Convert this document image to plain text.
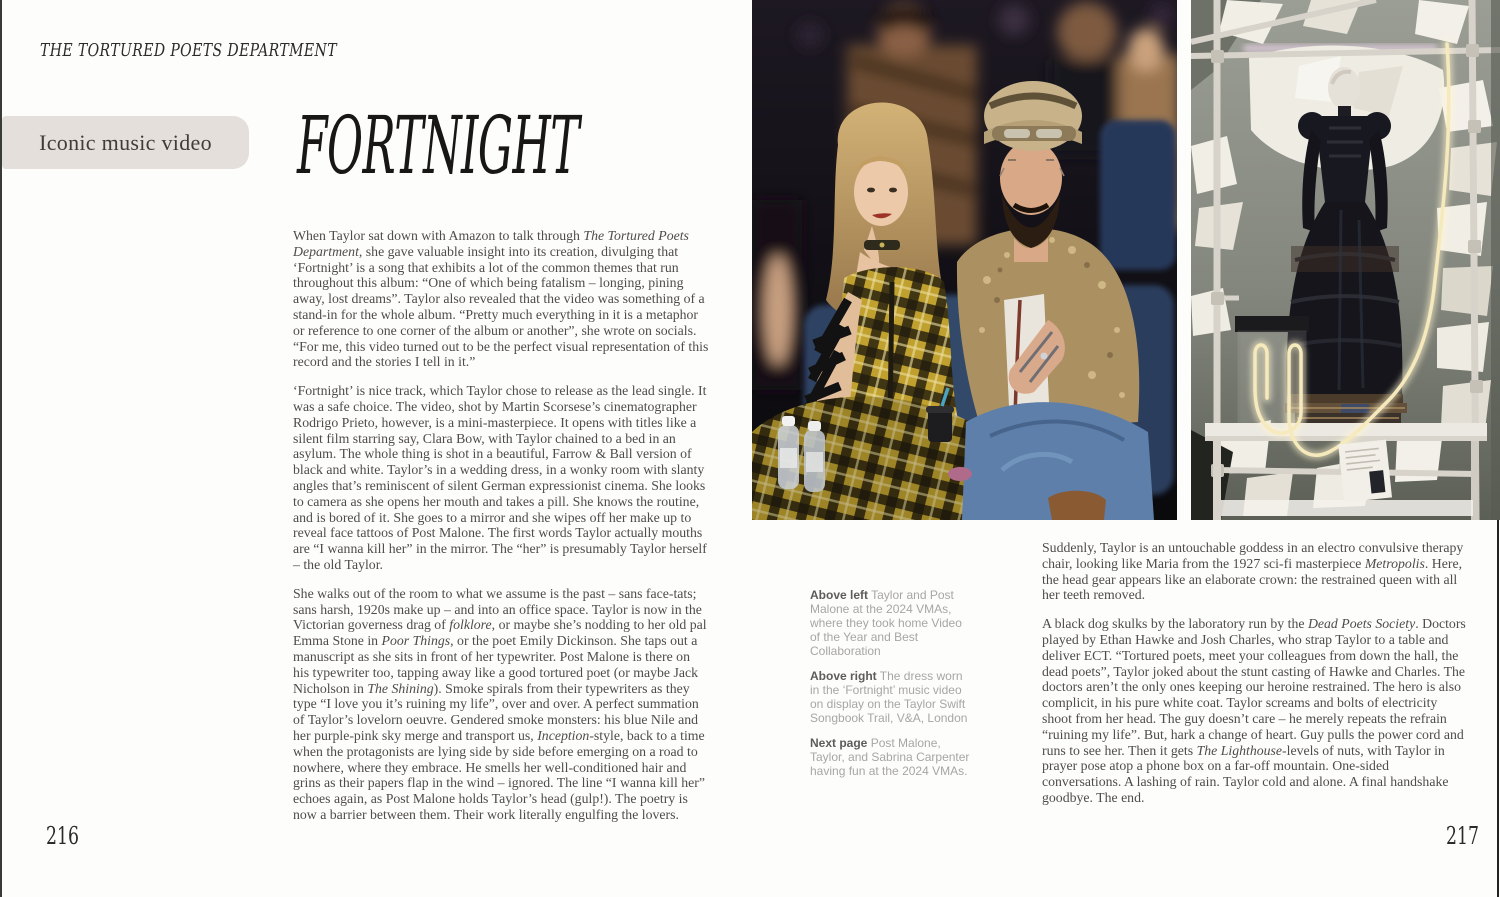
THE TORTURED POETS DEPARTMENT
Iconic music video FORTNIGHT

When Taylor sat down with Amazon to talk through The Tortured Poets Department, she gave valuable insight into its creation, divulging that ‘Fortnight’ is a song that exhibits a lot of the common themes that run throughout this album: “One of which being fatalism – longing, pining away, lost dreams”. Taylor also revealed that the video was something of a stand-in for the whole album. “Pretty much everything in it is a metaphor or reference to one corner of the album or another”, she wrote on socials. “For me, this video turned out to be the perfect visual representation of this record and the stories I tell in it.”

‘Fortnight’ is nice track, which Taylor chose to release as the lead single. It was a safe choice. The video, shot by Martin Scorsese’s cinematographer Rodrigo Prieto, however, is a mini-masterpiece. It opens with titles like a silent film starring say, Clara Bow, with Taylor chained to a bed in an asylum. The whole thing is shot in a beautiful, Farrow & Ball version of black and white. Taylor’s in a wedding dress, in a wonky room with slanty angles that’s reminiscent of silent German expressionist cinema. She looks to camera as she opens her mouth and takes a pill. She knows the routine, and is bored of it. She goes to a mirror and she wipes off her make up to reveal face tattoos of Post Malone. The first words Taylor actually mouths are “I wanna kill her” in the mirror. The “her” is presumably Taylor herself – the old Taylor.

She walks out of the room to what we assume is the past – sans face-tats; sans harsh, 1920s make up – and into an office space. Taylor is now in the Victorian governess drag of folklore, or maybe she’s nodding to her old pal Emma Stone in Poor Things, or the poet Emily Dickinson. She taps out a manuscript as she sits in front of her typewriter. Post Malone is there on his typewriter too, tapping away like a good tortured poet (or maybe Jack Nicholson in The Shining). Smoke spirals from their typewriters as they type “I love you it’s ruining my life”, over and over. A perfect summation of Taylor’s lovelorn oeuvre. Gendered smoke monsters: his blue Nile and her purple-pink sky merge and transport us, Inception-style, back to a time when the protagonists are lying side by side before emerging on a road to nowhere, where they embrace. He smells her well-conditioned hair and grins as their papers flap in the wind – ignored. The line “I wanna kill her” echoes again, as Post Malone holds Taylor’s head (gulp!). The poetry is now a barrier between them. Their work literally engulfing the lovers.

Above left Taylor and Post Malone at the 2024 VMAs, where they took home Video of the Year and Best Collaboration

Above right The dress worn in the ‘Fortnight’ music video on display on the Taylor Swift Songbook Trail, V&A, London

Next page Post Malone, Taylor, and Sabrina Carpenter having fun at the 2024 VMAs.

Suddenly, Taylor is an untouchable goddess in an electro convulsive therapy chair, looking like Maria from the 1927 sci-fi masterpiece Metropolis. Here, the head gear appears like an elaborate crown: the restrained queen with all her teeth removed.

A black dog skulks by the laboratory run by the Dead Poets Society. Doctors played by Ethan Hawke and Josh Charles, who strap Taylor to a table and deliver ECT. “Tortured poets, meet your colleagues from down the hall, the dead poets”, Taylor joked about the stunt casting of Hawke and Charles. The doctors aren’t the only ones keeping our heroine restrained. The hero is also complicit, in his pure white coat. Taylor screams and bolts of electricity shoot from her head. The guy doesn’t care – he merely repeats the refrain “ruining my life”. But, hark a change of heart. Guy pulls the power cord and runs to see her. Then it gets The Lighthouse-levels of nuts, with Taylor in prayer pose atop a phone box on a far-off mountain. One-sided conversations. A lashing of rain. Taylor cold and alone. A final handshake goodbye. The end.

216	217
